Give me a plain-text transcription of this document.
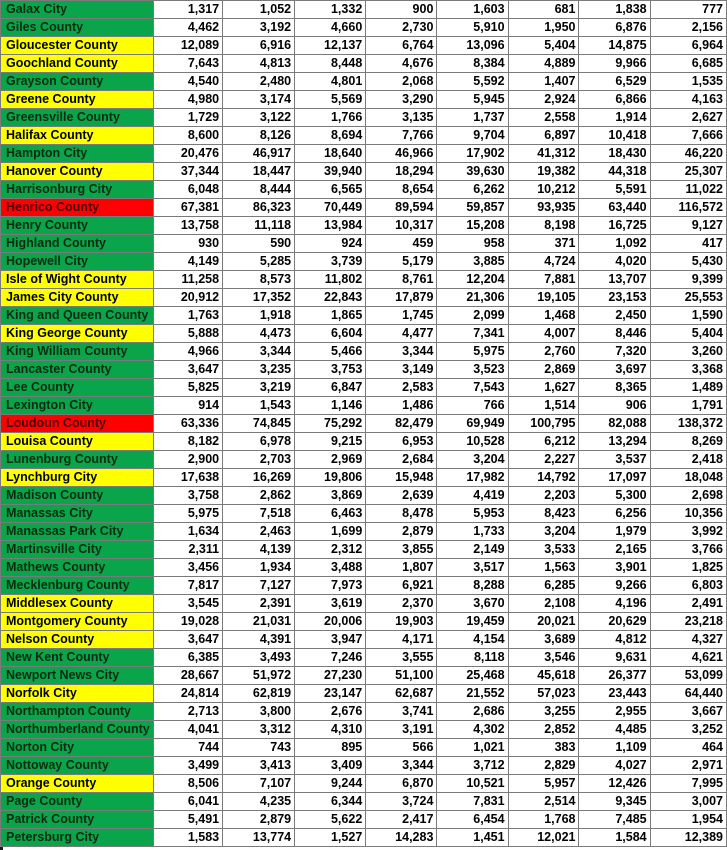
Galax City	1,317	1,052	1,332	900	1,603	681	1,838	777
Giles County	4,462	3,192	4,660	2,730	5,910	1,950	6,876	2,156
Gloucester County	12,089	6,916	12,137	6,764	13,096	5,404	14,875	6,964
Goochland County	7,643	4,813	8,448	4,676	8,384	4,889	9,966	6,685
Grayson County	4,540	2,480	4,801	2,068	5,592	1,407	6,529	1,535
Greene County	4,980	3,174	5,569	3,290	5,945	2,924	6,866	4,163
Greensville County	1,729	3,122	1,766	3,135	1,737	2,558	1,914	2,627
Halifax County	8,600	8,126	8,694	7,766	9,704	6,897	10,418	7,666
Hampton City	20,476	46,917	18,640	46,966	17,902	41,312	18,430	46,220
Hanover County	37,344	18,447	39,940	18,294	39,630	19,382	44,318	25,307
Harrisonburg City	6,048	8,444	6,565	8,654	6,262	10,212	5,591	11,022
Henrico County	67,381	86,323	70,449	89,594	59,857	93,935	63,440	116,572
Henry County	13,758	11,118	13,984	10,317	15,208	8,198	16,725	9,127
Highland County	930	590	924	459	958	371	1,092	417
Hopewell City	4,149	5,285	3,739	5,179	3,885	4,724	4,020	5,430
Isle of Wight County	11,258	8,573	11,802	8,761	12,204	7,881	13,707	9,399
James City County	20,912	17,352	22,843	17,879	21,306	19,105	23,153	25,553
King and Queen County	1,763	1,918	1,865	1,745	2,099	1,468	2,450	1,590
King George County	5,888	4,473	6,604	4,477	7,341	4,007	8,446	5,404
King William County	4,966	3,344	5,466	3,344	5,975	2,760	7,320	3,260
Lancaster County	3,647	3,235	3,753	3,149	3,523	2,869	3,697	3,368
Lee County	5,825	3,219	6,847	2,583	7,543	1,627	8,365	1,489
Lexington City	914	1,543	1,146	1,486	766	1,514	906	1,791
Loudoun County	63,336	74,845	75,292	82,479	69,949	100,795	82,088	138,372
Louisa County	8,182	6,978	9,215	6,953	10,528	6,212	13,294	8,269
Lunenburg County	2,900	2,703	2,969	2,684	3,204	2,227	3,537	2,418
Lynchburg City	17,638	16,269	19,806	15,948	17,982	14,792	17,097	18,048
Madison County	3,758	2,862	3,869	2,639	4,419	2,203	5,300	2,698
Manassas City	5,975	7,518	6,463	8,478	5,953	8,423	6,256	10,356
Manassas Park City	1,634	2,463	1,699	2,879	1,733	3,204	1,979	3,992
Martinsville City	2,311	4,139	2,312	3,855	2,149	3,533	2,165	3,766
Mathews County	3,456	1,934	3,488	1,807	3,517	1,563	3,901	1,825
Mecklenburg County	7,817	7,127	7,973	6,921	8,288	6,285	9,266	6,803
Middlesex County	3,545	2,391	3,619	2,370	3,670	2,108	4,196	2,491
Montgomery County	19,028	21,031	20,006	19,903	19,459	20,021	20,629	23,218
Nelson County	3,647	4,391	3,947	4,171	4,154	3,689	4,812	4,327
New Kent County	6,385	3,493	7,246	3,555	8,118	3,546	9,631	4,621
Newport News City	28,667	51,972	27,230	51,100	25,468	45,618	26,377	53,099
Norfolk City	24,814	62,819	23,147	62,687	21,552	57,023	23,443	64,440
Northampton County	2,713	3,800	2,676	3,741	2,686	3,255	2,955	3,667
Northumberland County	4,041	3,312	4,310	3,191	4,302	2,852	4,485	3,252
Norton City	744	743	895	566	1,021	383	1,109	464
Nottoway County	3,499	3,413	3,409	3,344	3,712	2,829	4,027	2,971
Orange County	8,506	7,107	9,244	6,870	10,521	5,957	12,426	7,995
Page County	6,041	4,235	6,344	3,724	7,831	2,514	9,345	3,007
Patrick County	5,491	2,879	5,622	2,417	6,454	1,768	7,485	1,954
Petersburg City	1,583	13,774	1,527	14,283	1,451	12,021	1,584	12,389
